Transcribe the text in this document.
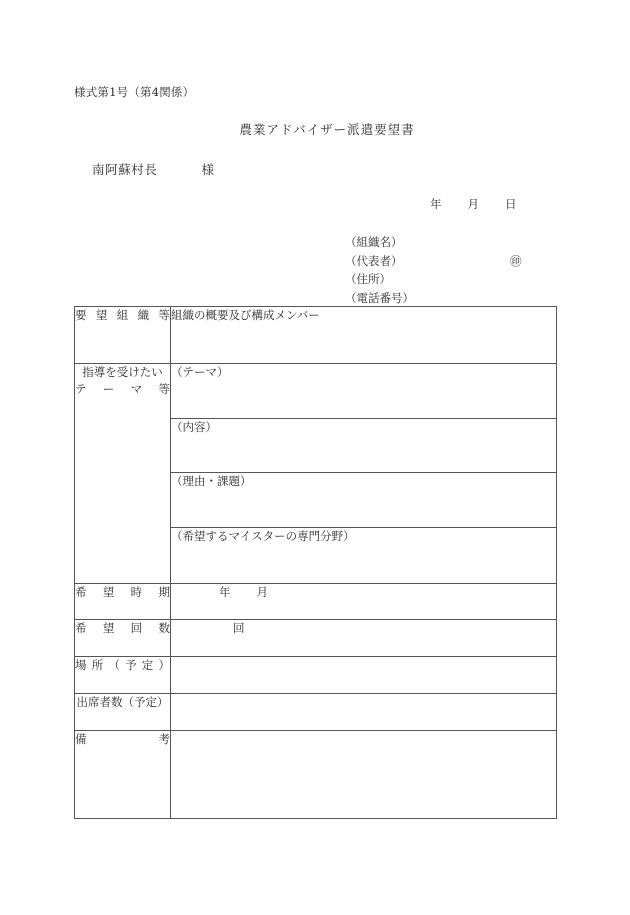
様式第1号（第4関係）
農業アドバイザー派遣要望書
南阿蘇村長	様
年 月 日
（組織名）
（代表者）	㊞
（住所）
（電話番号）
要望組織等	組織の概要及び構成メンバー

指導を受けたい
テーマ等	（テーマ）

	（内容）

	（理由・課題）

	（希望するマイスターの専門分野）

希望時期	年 月

希望回数	回

場所（予定）	

出席者数（予定）	

備考	
